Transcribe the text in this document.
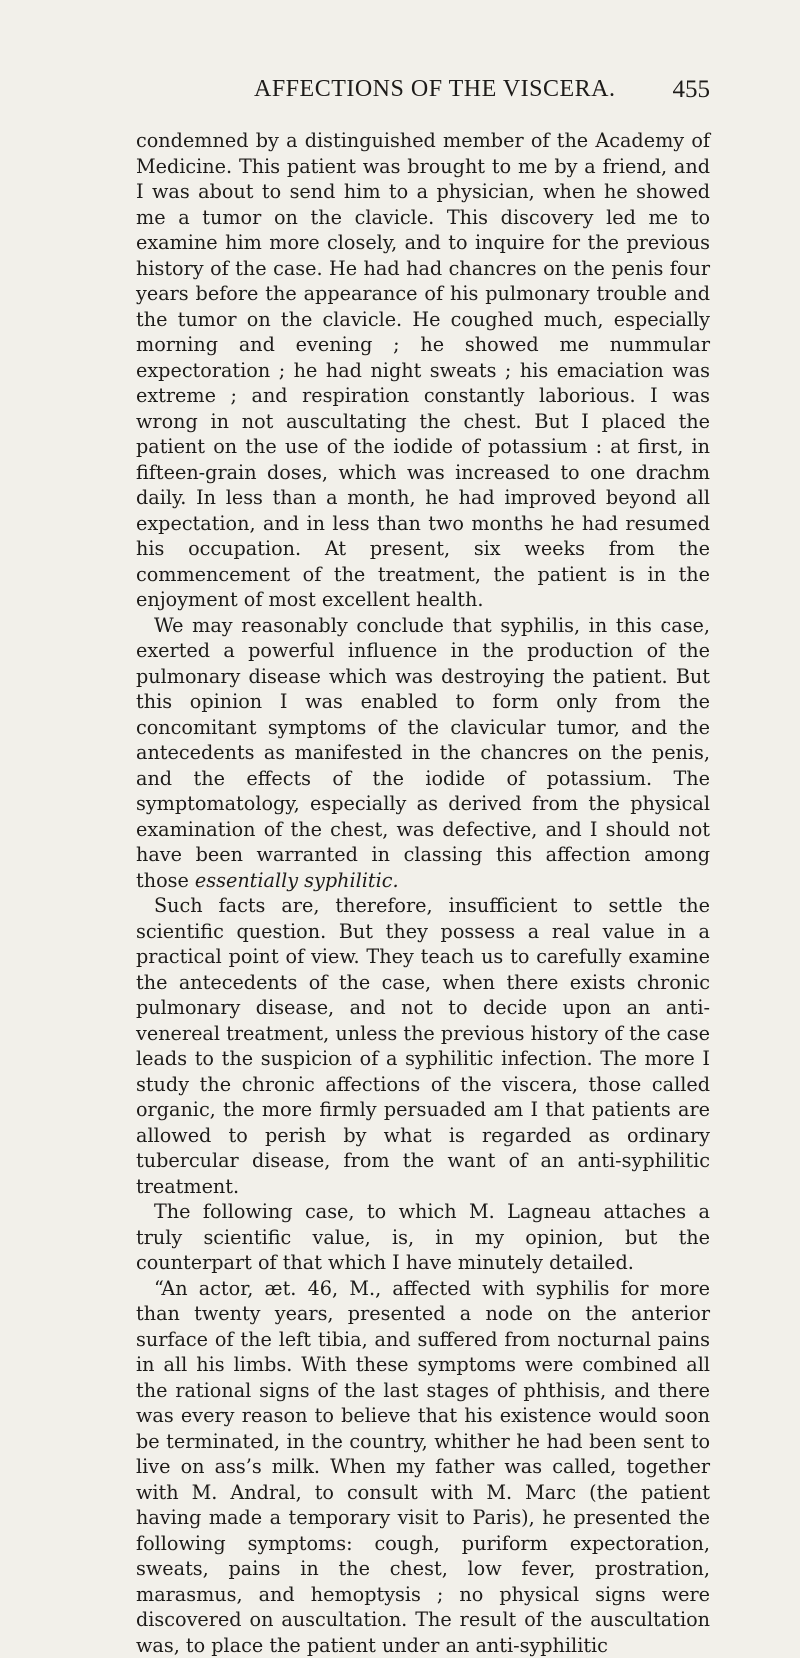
AFFECTIONS OF THE VISCERA. 455

condemned by a distinguished member of the Academy of Medicine. This patient was brought to me by a friend, and I was about to send him to a physician, when he showed me a tumor on the clavicle. This discovery led me to examine him more closely, and to inquire for the previous history of the case. He had had chancres on the penis four years before the appearance of his pulmonary trouble and the tumor on the clavicle. He coughed much, especially morning and evening ; he showed me nummular expectoration ; he had night sweats ; his emaciation was extreme ; and respiration constantly laborious. I was wrong in not auscultating the chest. But I placed the patient on the use of the iodide of potassium : at first, in fifteen-grain doses, which was increased to one drachm daily. In less than a month, he had improved beyond all expectation, and in less than two months he had resumed his occupation. At present, six weeks from the commencement of the treatment, the patient is in the enjoyment of most excellent health.

We may reasonably conclude that syphilis, in this case, exerted a powerful influence in the production of the pulmonary disease which was destroying the patient. But this opinion I was enabled to form only from the concomitant symptoms of the clavicular tumor, and the antecedents as manifested in the chancres on the penis, and the effects of the iodide of potassium. The symptomatology, especially as derived from the physical examination of the chest, was defective, and I should not have been warranted in classing this affection among those essentially syphilitic.

Such facts are, therefore, insufficient to settle the scientific question. But they possess a real value in a practical point of view. They teach us to carefully examine the antecedents of the case, when there exists chronic pulmonary disease, and not to decide upon an anti-venereal treatment, unless the previous history of the case leads to the suspicion of a syphilitic infection. The more I study the chronic affections of the viscera, those called organic, the more firmly persuaded am I that patients are allowed to perish by what is regarded as ordinary tubercular disease, from the want of an anti-syphilitic treatment.

The following case, to which M. Lagneau attaches a truly scientific value, is, in my opinion, but the counterpart of that which I have minutely detailed.

“An actor, æt. 46, M., affected with syphilis for more than twenty years, presented a node on the anterior surface of the left tibia, and suffered from nocturnal pains in all his limbs. With these symptoms were combined all the rational signs of the last stages of phthisis, and there was every reason to believe that his existence would soon be terminated, in the country, whither he had been sent to live on ass’s milk. When my father was called, together with M. Andral, to consult with M. Marc (the patient having made a temporary visit to Paris), he presented the following symptoms: cough, puriform expectoration, sweats, pains in the chest, low fever, prostration, marasmus, and hemoptysis ; no physical signs were discovered on auscultation. The result of the auscultation was, to place the patient under an anti-syphilitic
